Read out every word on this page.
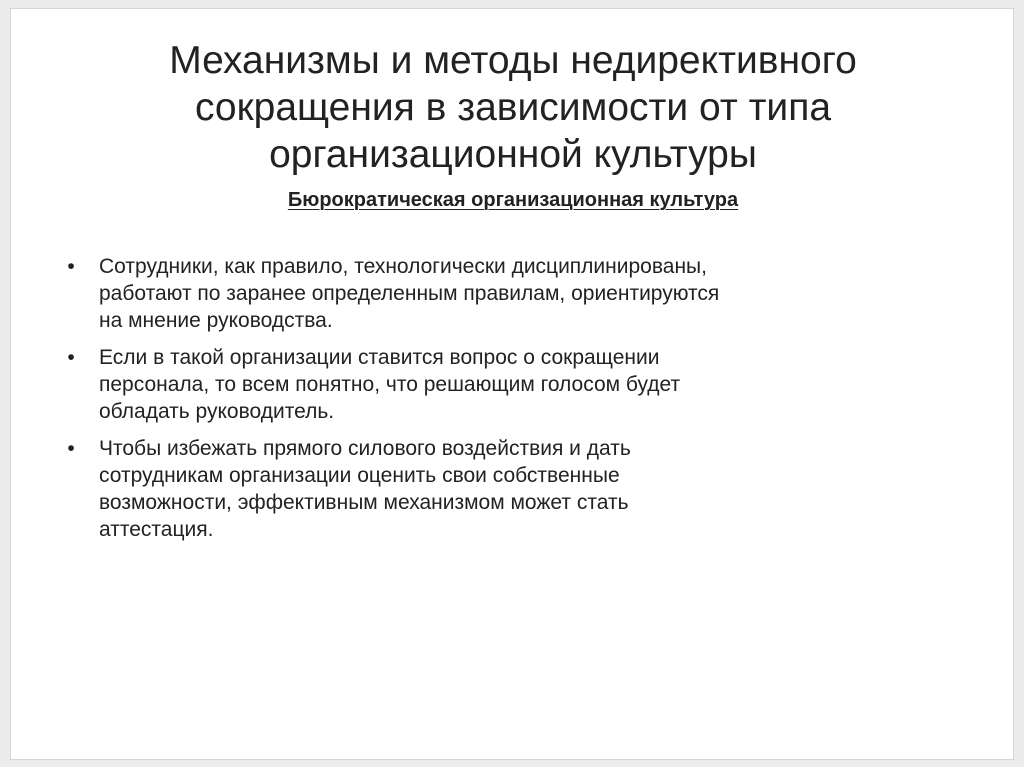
Механизмы и методы недирективного
сокращения в зависимости от типа
организационной культуры

Бюрократическая организационная культура

•	Сотрудники, как правило, технологически дисциплинированы,
работают по заранее определенным правилам, ориентируются
на мнение руководства.
•	Если в такой организации ставится вопрос о сокращении
персонала, то всем понятно, что решающим голосом будет
обладать руководитель.
•	Чтобы избежать прямого силового воздействия и дать
сотрудникам организации оценить свои собственные
возможности, эффективным механизмом может стать
аттестация.
